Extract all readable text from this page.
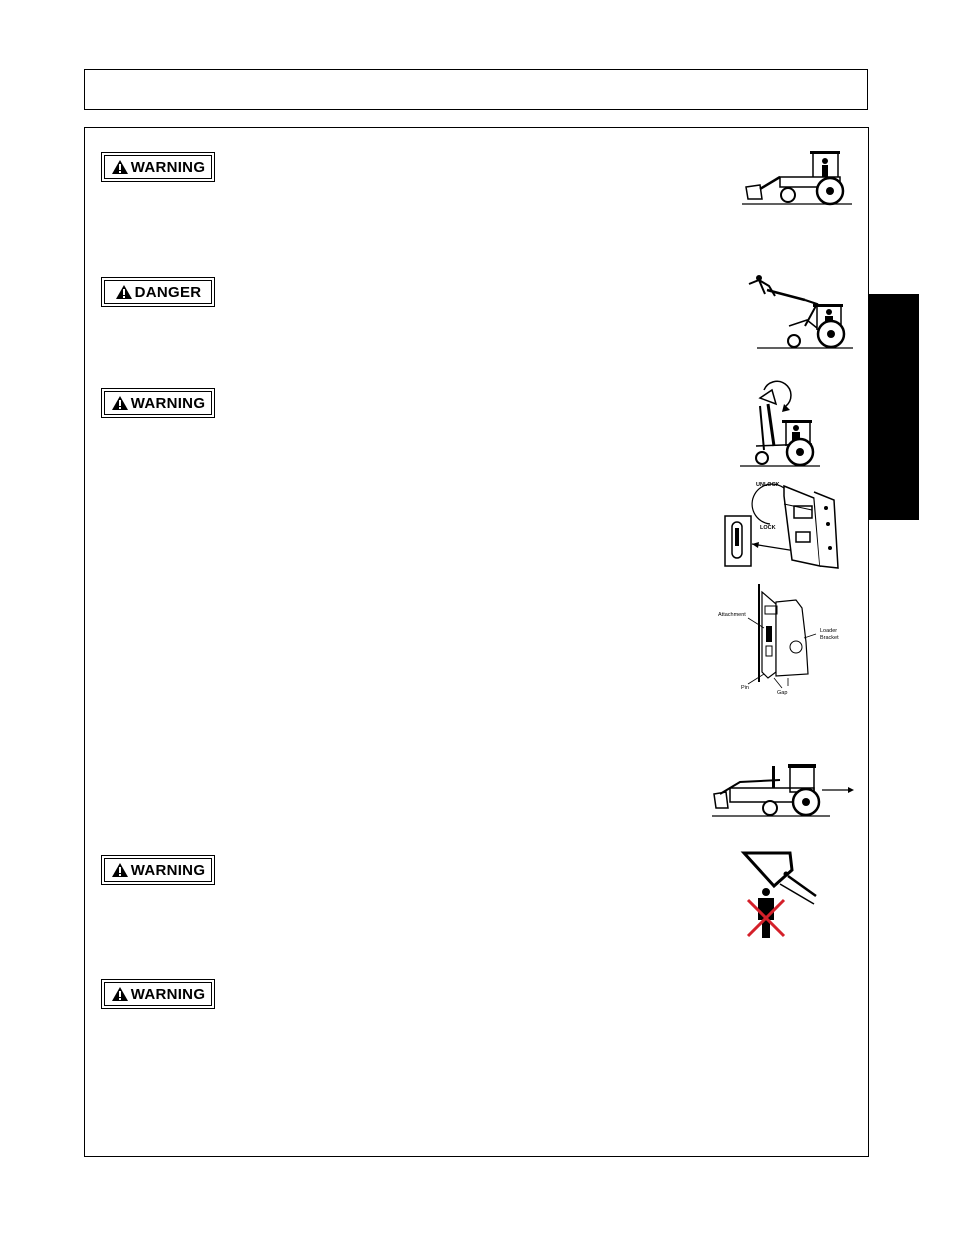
WARNING
DANGER
WARNING
WARNING
WARNING
UNLOCK
LOCK
Attachment
Loader
Bracket
Pin
Gap
